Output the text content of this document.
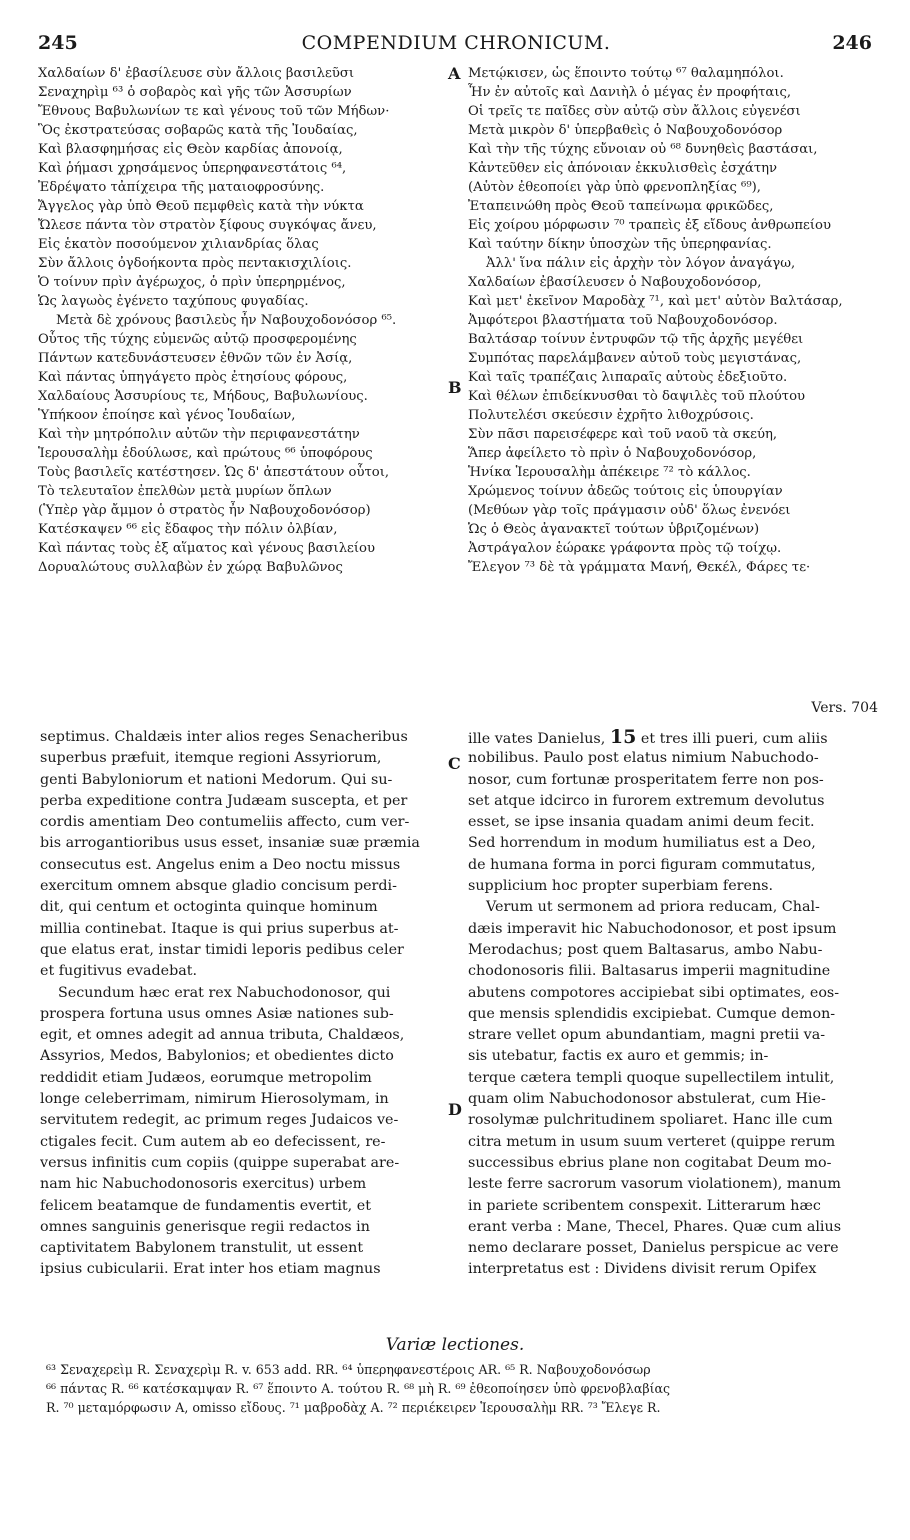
245	COMPENDIUM CHRONICUM.	246
A
B
C
D
Χαλδαίων δ' ἐβασίλευσε σὺν ἄλλοις βασιλεῦσι
Σεναχηρὶμ ⁶³ ὁ σοβαρὸς καὶ γῆς τῶν Ἀσσυρίων
Ἔθνους Βαβυλωνίων τε καὶ γένους τοῦ τῶν Μήδων·
Ὃς ἐκστρατεύσας σοβαρῶς κατὰ τῆς Ἰουδαίας,
Καὶ βλασφημήσας εἰς Θεὸν καρδίας ἀπονοίᾳ,
Καὶ ῥήμασι χρησάμενος ὑπερηφανεστάτοις ⁶⁴,
Ἐδρέψατο τἀπίχειρα τῆς ματαιοφροσύνης.
Ἄγγελος γὰρ ὑπὸ Θεοῦ πεμφθεὶς κατὰ τὴν νύκτα
Ὤλεσε πάντα τὸν στρατὸν ξίφους συγκόψας ἄνευ,
Εἰς ἑκατὸν ποσούμενον χιλιανδρίας ὅλας
Σὺν ἄλλοις ὀγδοήκοντα πρὸς πεντακισχιλίοις.
Ὁ τοίνυν πρὶν ἀγέρωχος, ὁ πρὶν ὑπερηρμένος,
Ὡς λαγωὸς ἐγένετο ταχύπους φυγαδίας.
Μετὰ δὲ χρόνους βασιλεὺς ἦν Ναβουχοδονόσορ ⁶⁵.
Οὗτος τῆς τύχης εὐμενῶς αὐτῷ προσφερομένης
Πάντων κατεδυνάστευσεν ἐθνῶν τῶν ἐν Ἀσίᾳ,
Καὶ πάντας ὑπηγάγετο πρὸς ἐτησίους φόρους,
Χαλδαίους Ἀσσυρίους τε, Μήδους, Βαβυλωνίους.
Ὑπήκοον ἐποίησε καὶ γένος Ἰουδαίων,
Καὶ τὴν μητρόπολιν αὐτῶν τὴν περιφανεστάτην
Ἱερουσαλὴμ ἐδούλωσε, καὶ πρώτους ⁶⁶ ὑποφόρους
Τοὺς βασιλεῖς κατέστησεν. Ὡς δ' ἀπεστάτουν οὗτοι,
Τὸ τελευταῖον ἐπελθὼν μετὰ μυρίων ὅπλων
(Ὑπὲρ γὰρ ἄμμον ὁ στρατὸς ἦν Ναβουχοδονόσορ)
Κατέσκαψεν ⁶⁶ εἰς ἔδαφος τὴν πόλιν ὀλβίαν,
Καὶ πάντας τοὺς ἐξ αἵματος καὶ γένους βασιλείου
Δορυαλώτους συλλαβὼν ἐν χώρᾳ Βαβυλῶνος
Μετῴκισεν, ὡς ἕποιντο τούτῳ ⁶⁷ θαλαμηπόλοι.
Ἦν ἐν αὐτοῖς καὶ Δανιὴλ ὁ μέγας ἐν προφήταις,
Οἱ τρεῖς τε παῖδες σὺν αὐτῷ σὺν ἄλλοις εὐγενέσι
Μετὰ μικρὸν δ' ὑπερβαθεὶς ὁ Ναβουχοδονόσορ
Καὶ τὴν τῆς τύχης εὔνοιαν οὐ ⁶⁸ δυνηθεὶς βαστάσαι,
Κἀντεῦθεν εἰς ἀπόνοιαν ἐκκυλισθεὶς ἐσχάτην
(Αὑτὸν ἐθεοποίει γὰρ ὑπὸ φρενοπληξίας ⁶⁹),
Ἐταπεινώθη πρὸς Θεοῦ ταπείνωμα φρικῶδες,
Εἰς χοίρου μόρφωσιν ⁷⁰ τραπεὶς ἐξ εἴδους ἀνθρωπείου
Καὶ ταύτην δίκην ὑποσχὼν τῆς ὑπερηφανίας.
Ἀλλ' ἵνα πάλιν εἰς ἀρχὴν τὸν λόγον ἀναγάγω,
Χαλδαίων ἐβασίλευσεν ὁ Ναβουχοδονόσορ,
Καὶ μετ' ἐκεῖνον Μαροδὰχ ⁷¹, καὶ μετ' αὐτὸν Βαλτάσαρ,
Ἀμφότεροι βλαστήματα τοῦ Ναβουχοδονόσορ.
Βαλτάσαρ τοίνυν ἐντρυφῶν τῷ τῆς ἀρχῆς μεγέθει
Συμπότας παρελάμβανεν αὐτοῦ τοὺς μεγιστάνας,
Καὶ ταῖς τραπέζαις λιπαραῖς αὐτοὺς ἐδεξιοῦτο.
Καὶ θέλων ἐπιδείκνυσθαι τὸ δαψιλὲς τοῦ πλούτου
Πολυτελέσι σκεύεσιν ἐχρῆτο λιθοχρύσοις.
Σὺν πᾶσι παρεισέφερε καὶ τοῦ ναοῦ τὰ σκεύη,
Ἅπερ ἀφείλετο τὸ πρὶν ὁ Ναβουχοδονόσορ,
Ἡνίκα Ἱερουσαλὴμ ἀπέκειρε ⁷² τὸ κάλλος.
Χρώμενος τοίνυν ἀδεῶς τούτοις εἰς ὑπουργίαν
(Μεθύων γὰρ τοῖς πράγμασιν οὐδ' ὅλως ἐνενόει
Ὡς ὁ Θεὸς ἀγανακτεῖ τούτων ὑβριζομένων)
Ἀστράγαλον ἑώρακε γράφοντα πρὸς τῷ τοίχῳ.
Ἔλεγον ⁷³ δὲ τὰ γράμματα Μανή, Θεκέλ, Φάρες τε·
Vers. 704
septimus. Chaldæis inter alios reges Senacheribus
superbus præfuit, itemque regioni Assyriorum,
genti Babyloniorum et nationi Medorum. Qui su-
perba expeditione contra Judæam suscepta, et per
cordis amentiam Deo contumeliis affecto, cum ver-
bis arrogantioribus usus esset, insaniæ suæ præmia
consecutus est. Angelus enim a Deo noctu missus
exercitum omnem absque gladio concisum perdi-
dit, qui centum et octoginta quinque hominum
millia continebat. Itaque is qui prius superbus at-
que elatus erat, instar timidi leporis pedibus celer
et fugitivus evadebat.
Secundum hæc erat rex Nabuchodonosor, qui
prospera fortuna usus omnes Asiæ nationes sub-
egit, et omnes adegit ad annua tributa, Chaldæos,
Assyrios, Medos, Babylonios; et obedientes dicto
reddidit etiam Judæos, eorumque metropolim
longe celeberrimam, nimirum Hierosolymam, in
servitutem redegit, ac primum reges Judaicos ve-
ctigales fecit. Cum autem ab eo defecissent, re-
versus infinitis cum copiis (quippe superabat are-
nam hic Nabuchodonosoris exercitus) urbem
felicem beatamque de fundamentis evertit, et
omnes sanguinis generisque regii redactos in
captivitatem Babylonem transtulit, ut essent
ipsius cubicularii. Erat inter hos etiam magnus
ille vates Danielus, 15 et tres illi pueri, cum aliis
nobilibus. Paulo post elatus nimium Nabuchodo-
nosor, cum fortunæ prosperitatem ferre non pos-
set atque idcirco in furorem extremum devolutus
esset, se ipse insania quadam animi deum fecit.
Sed horrendum in modum humiliatus est a Deo,
de humana forma in porci figuram commutatus,
supplicium hoc propter superbiam ferens.
Verum ut sermonem ad priora reducam, Chal-
dæis imperavit hic Nabuchodonosor, et post ipsum
Merodachus; post quem Baltasarus, ambo Nabu-
chodonosoris filii. Baltasarus imperii magnitudine
abutens compotores accipiebat sibi optimates, eos-
que mensis splendidis excipiebat. Cumque demon-
strare vellet opum abundantiam, magni pretii va-
sis utebatur, factis ex auro et gemmis; in-
terque cætera templi quoque supellectilem intulit,
quam olim Nabuchodonosor abstulerat, cum Hie-
rosolymæ pulchritudinem spoliaret. Hanc ille cum
citra metum in usum suum verteret (quippe rerum
successibus ebrius plane non cogitabat Deum mo-
leste ferre sacrorum vasorum violationem), manum
in pariete scribentem conspexit. Litterarum hæc
erant verba : Mane, Thecel, Phares. Quæ cum alius
nemo declarare posset, Danielus perspicue ac vere
interpretatus est : Dividens divisit rerum Opifex
Variæ lectiones.
⁶³ Σεναχερεὶμ R. Σεναχερὶμ R. v. 653 add. RR. ⁶⁴ ὑπερηφανεστέροις AR. ⁶⁵ R. Ναβουχοδονόσωρ
⁶⁶ πάντας R. ⁶⁶ κατέσκαμψαν R. ⁶⁷ ἕποιντο A. τούτου R. ⁶⁸ μὴ R. ⁶⁹ ἐθεοποίησεν ὑπὸ φρενοβλαβίας
R. ⁷⁰ μεταμόρφωσιν A, omisso εἴδους. ⁷¹ μαβροδὰχ A. ⁷² περιέκειρεν Ἱερουσαλὴμ RR. ⁷³ Ἔλεγε R.
